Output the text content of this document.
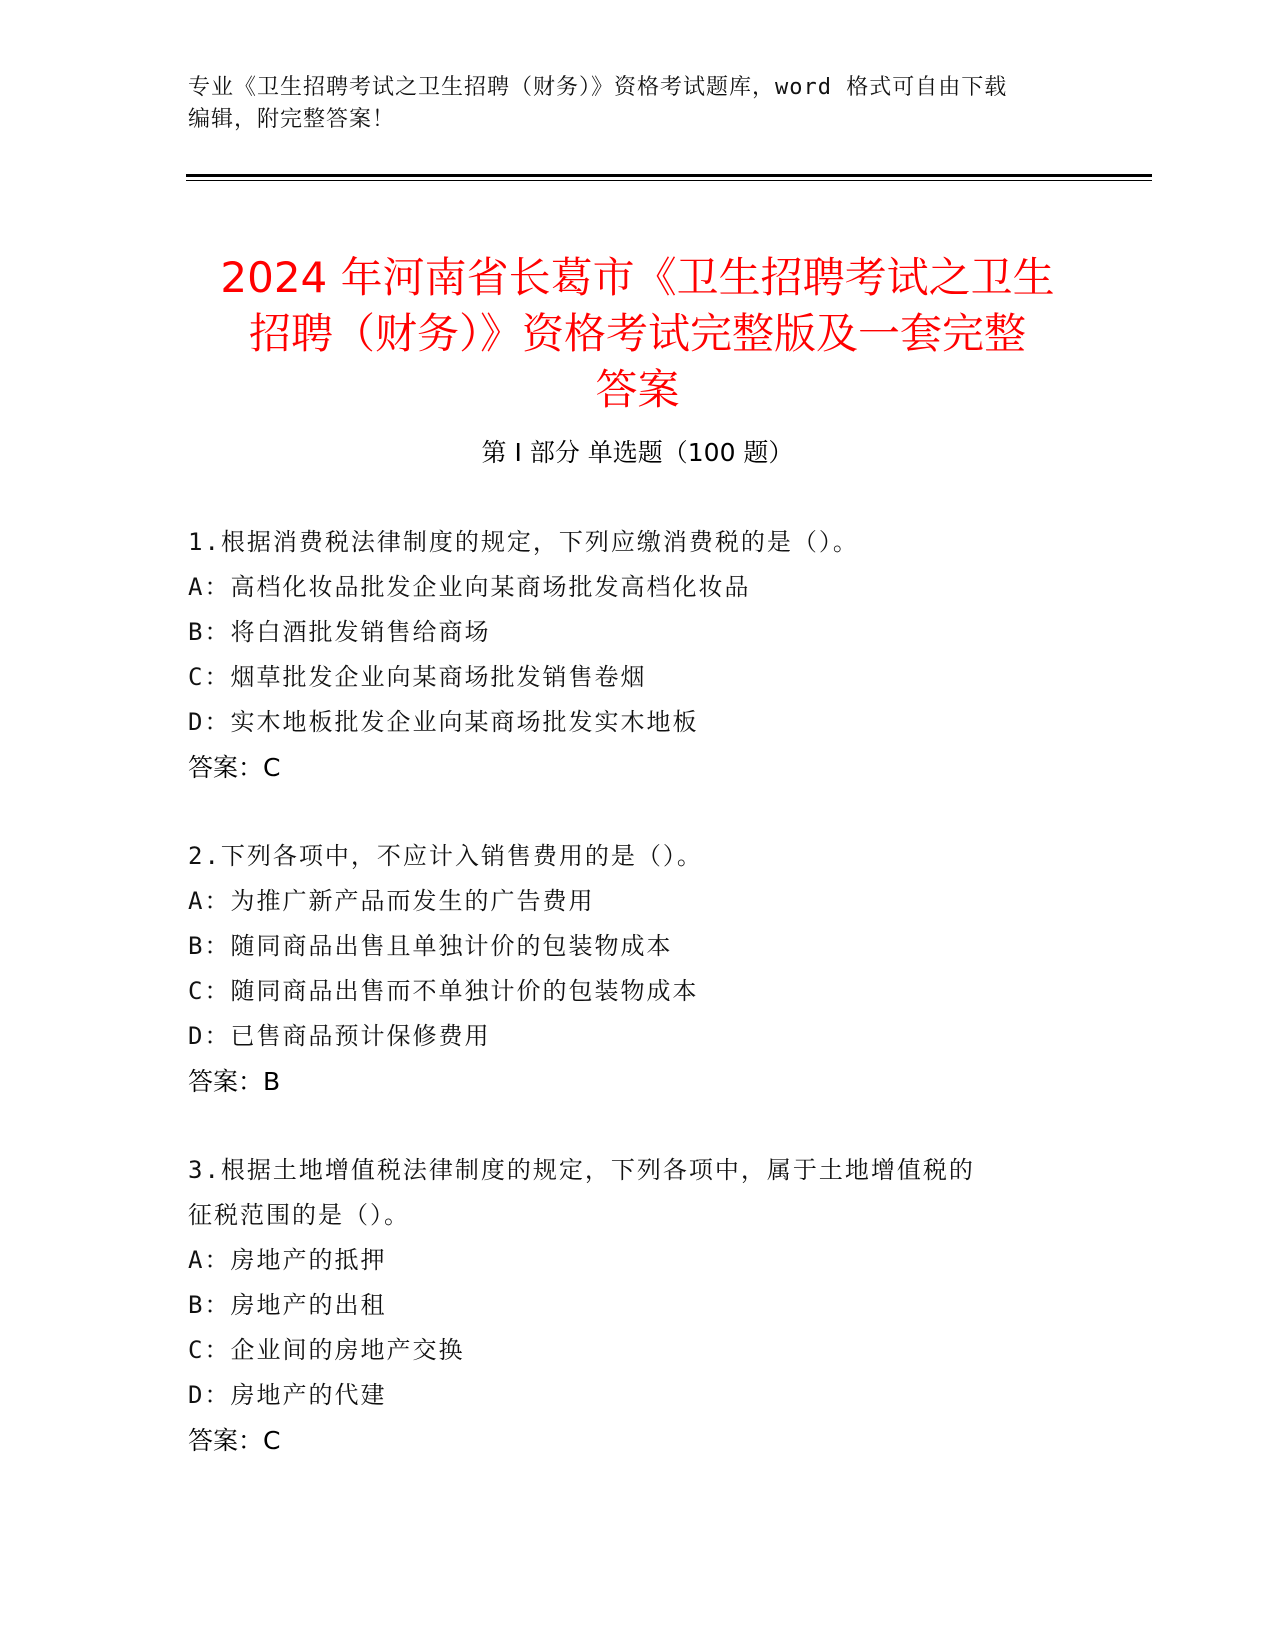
专业《卫生招聘考试之卫生招聘（财务）》资格考试题库，word 格式可自由下载
编辑，附完整答案！
2024 年河南省长葛市《卫生招聘考试之卫生
招聘（财务）》资格考试完整版及一套完整
答案
第 I 部分 单选题（100 题）
1.根据消费税法律制度的规定，下列应缴消费税的是（）。
A：高档化妆品批发企业向某商场批发高档化妆品
B：将白酒批发销售给商场
C：烟草批发企业向某商场批发销售卷烟
D：实木地板批发企业向某商场批发实木地板
答案：C
2.下列各项中，不应计入销售费用的是（）。
A：为推广新产品而发生的广告费用
B：随同商品出售且单独计价的包装物成本
C：随同商品出售而不单独计价的包装物成本
D：已售商品预计保修费用
答案：B
3.根据土地增值税法律制度的规定，下列各项中，属于土地增值税的
征税范围的是（）。
A：房地产的抵押
B：房地产的出租
C：企业间的房地产交换
D：房地产的代建
答案：C
